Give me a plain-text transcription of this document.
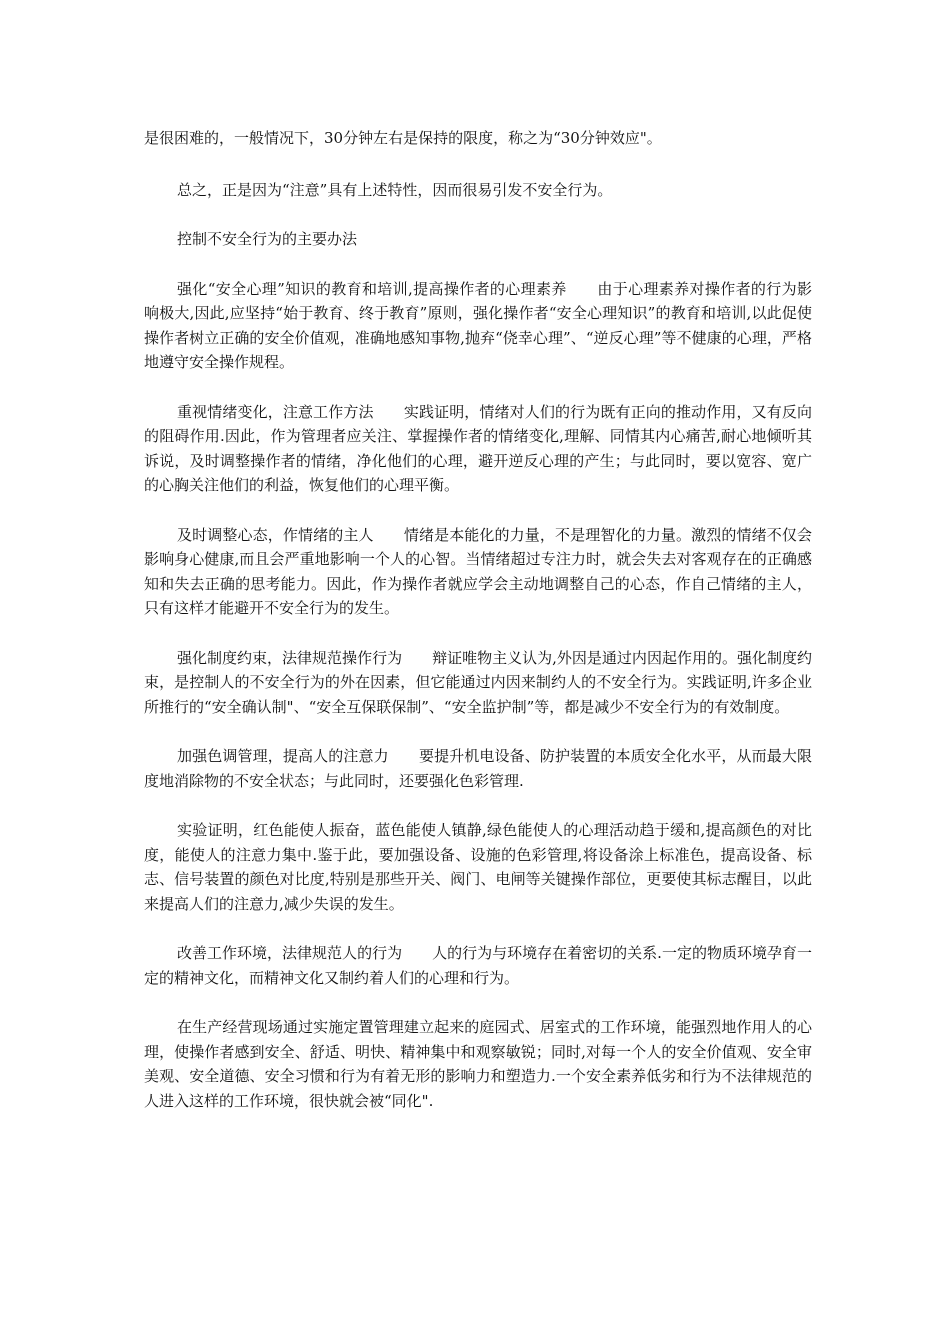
是很困难的，一般情况下，30分钟左右是保持的限度，称之为“30分钟效应"。

总之，正是因为“注意”具有上述特性，因而很易引发不安全行为。

控制不安全行为的主要办法

强化“安全心理”知识的教育和培训,提高操作者的心理素养　　由于心理素养对操作者的行为影响极大,因此,应坚持“始于教育、终于教育”原则，强化操作者“安全心理知识”的教育和培训,以此促使操作者树立正确的安全价值观，准确地感知事物,抛弃“侥幸心理”、“逆反心理”等不健康的心理，严格地遵守安全操作规程。

重视情绪变化，注意工作方法　　实践证明，情绪对人们的行为既有正向的推动作用，又有反向的阻碍作用.因此，作为管理者应关注、掌握操作者的情绪变化,理解、同情其内心痛苦,耐心地倾听其诉说，及时调整操作者的情绪，净化他们的心理，避开逆反心理的产生；与此同时，要以宽容、宽广的心胸关注他们的利益，恢复他们的心理平衡。

及时调整心态，作情绪的主人　　情绪是本能化的力量，不是理智化的力量。激烈的情绪不仅会影响身心健康,而且会严重地影响一个人的心智。当情绪超过专注力时，就会失去对客观存在的正确感知和失去正确的思考能力。因此，作为操作者就应学会主动地调整自己的心态，作自己情绪的主人，只有这样才能避开不安全行为的发生。

强化制度约束，法律规范操作行为　　辩证唯物主义认为,外因是通过内因起作用的。强化制度约束，是控制人的不安全行为的外在因素，但它能通过内因来制约人的不安全行为。实践证明,许多企业所推行的“安全确认制"、“安全互保联保制”、“安全监护制”等，都是减少不安全行为的有效制度。

加强色调管理，提高人的注意力　　要提升机电设备、防护装置的本质安全化水平，从而最大限度地消除物的不安全状态；与此同时，还要强化色彩管理.

实验证明，红色能使人振奋，蓝色能使人镇静,绿色能使人的心理活动趋于缓和,提高颜色的对比度，能使人的注意力集中.鉴于此，要加强设备、设施的色彩管理,将设备涂上标准色，提高设备、标志、信号装置的颜色对比度,特别是那些开关、阀门、电闸等关键操作部位，更要使其标志醒目，以此来提高人们的注意力,减少失误的发生。

改善工作环境，法律规范人的行为　　人的行为与环境存在着密切的关系.一定的物质环境孕育一定的精神文化，而精神文化又制约着人们的心理和行为。

在生产经营现场通过实施定置管理建立起来的庭园式、居室式的工作环境，能强烈地作用人的心理，使操作者感到安全、舒适、明快、精神集中和观察敏锐；同时,对每一个人的安全价值观、安全审美观、安全道德、安全习惯和行为有着无形的影响力和塑造力.一个安全素养低劣和行为不法律规范的人进入这样的工作环境，很快就会被“同化".
